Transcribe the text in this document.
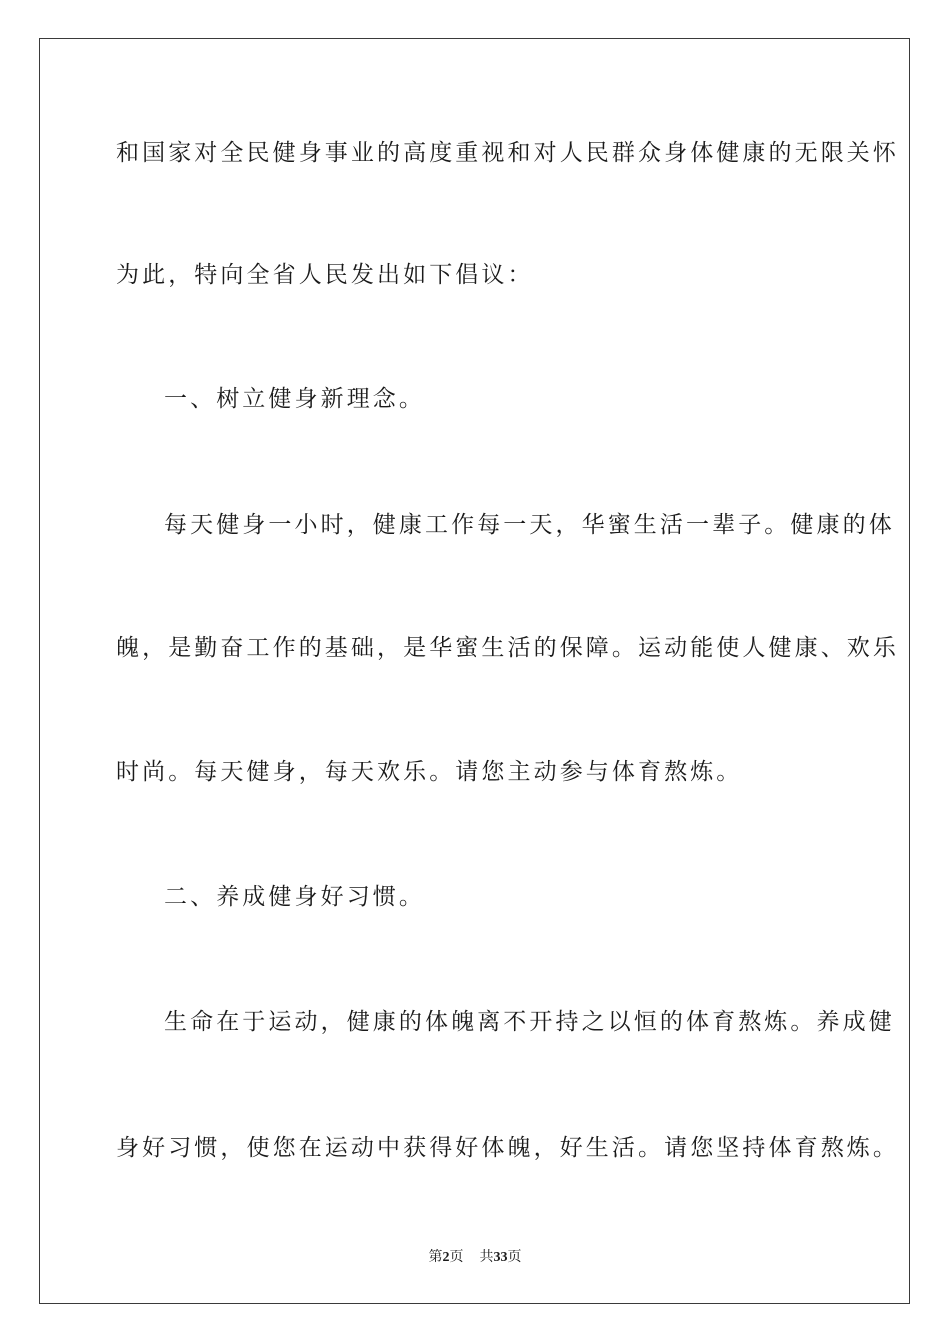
和国家对全民健身事业的高度重视和对人民群众身体健康的无限关怀
为此，特向全省人民发出如下倡议：
一、树立健身新理念。
每天健身一小时，健康工作每一天，华蜜生活一辈子。健康的体
魄，是勤奋工作的基础，是华蜜生活的保障。运动能使人健康、欢乐
时尚。每天健身，每天欢乐。请您主动参与体育熬炼。
二、养成健身好习惯。
生命在于运动，健康的体魄离不开持之以恒的体育熬炼。养成健
身好习惯，使您在运动中获得好体魄，好生活。请您坚持体育熬炼。
第2页 共33页
